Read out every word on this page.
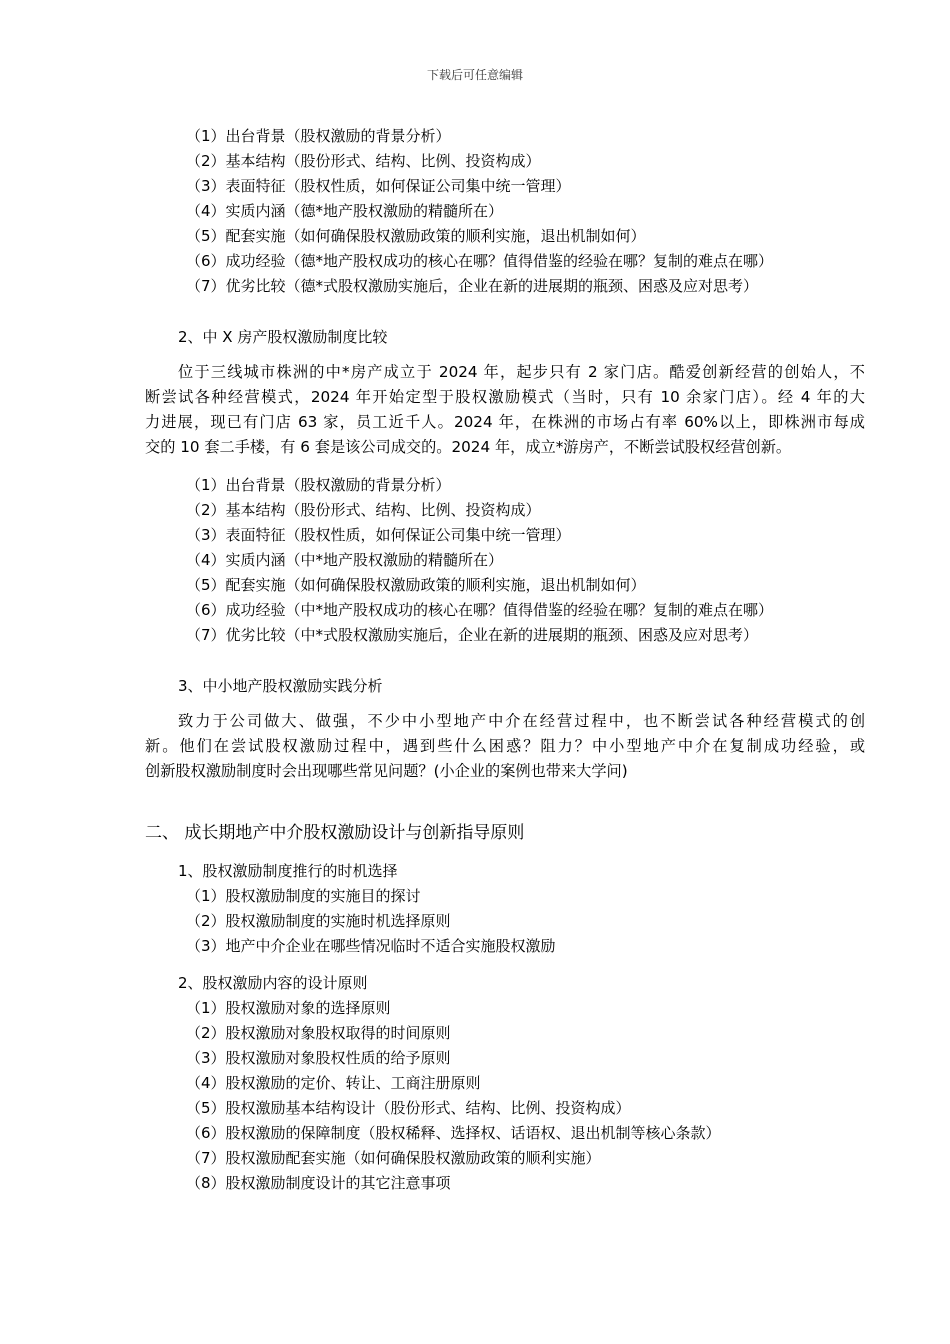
下载后可任意编辑
（1）出台背景（股权激励的背景分析）
（2）基本结构（股份形式、结构、比例、投资构成）
（3）表面特征（股权性质，如何保证公司集中统一管理）
（4）实质内涵（德*地产股权激励的精髓所在）
（5）配套实施（如何确保股权激励政策的顺利实施，退出机制如何）
（6）成功经验（德*地产股权成功的核心在哪？值得借鉴的经验在哪？复制的难点在哪）
（7）优劣比较（德*式股权激励实施后，企业在新的进展期的瓶颈、困惑及应对思考）
2、中 X 房产股权激励制度比较

位于三线城市株洲的中*房产成立于 2024 年，起步只有 2 家门店。酷爱创新经营的创始人，不

断尝试各种经营模式，2024 年开始定型于股权激励模式（当时，只有 10 余家门店）。经 4 年的大

力进展，现已有门店 63 家，员工近千人。2024 年，在株洲的市场占有率 60%以上，即株洲市每成

交的 10 套二手楼，有 6 套是该公司成交的。2024 年，成立*游房产，不断尝试股权经营创新。

（1）出台背景（股权激励的背景分析）
（2）基本结构（股份形式、结构、比例、投资构成）
（3）表面特征（股权性质，如何保证公司集中统一管理）
（4）实质内涵（中*地产股权激励的精髓所在）
（5）配套实施（如何确保股权激励政策的顺利实施，退出机制如何）
（6）成功经验（中*地产股权成功的核心在哪？值得借鉴的经验在哪？复制的难点在哪）
（7）优劣比较（中*式股权激励实施后，企业在新的进展期的瓶颈、困惑及应对思考）
3、中小地产股权激励实践分析

致力于公司做大、做强，不少中小型地产中介在经营过程中，也不断尝试各种经营模式的创

新。他们在尝试股权激励过程中，遇到些什么困惑？阻力？中小型地产中介在复制成功经验，或

创新股权激励制度时会出现哪些常见问题？(小企业的案例也带来大学问)

二、 成长期地产中介股权激励设计与创新指导原则
1、股权激励制度推行的时机选择
（1）股权激励制度的实施目的探讨
（2）股权激励制度的实施时机选择原则
（3）地产中介企业在哪些情况临时不适合实施股权激励
2、股权激励内容的设计原则
（1）股权激励对象的选择原则
（2）股权激励对象股权取得的时间原则
（3）股权激励对象股权性质的给予原则
（4）股权激励的定价、转让、工商注册原则
（5）股权激励基本结构设计（股份形式、结构、比例、投资构成）
（6）股权激励的保障制度（股权稀释、选择权、话语权、退出机制等核心条款）
（7）股权激励配套实施（如何确保股权激励政策的顺利实施）
（8）股权激励制度设计的其它注意事项
